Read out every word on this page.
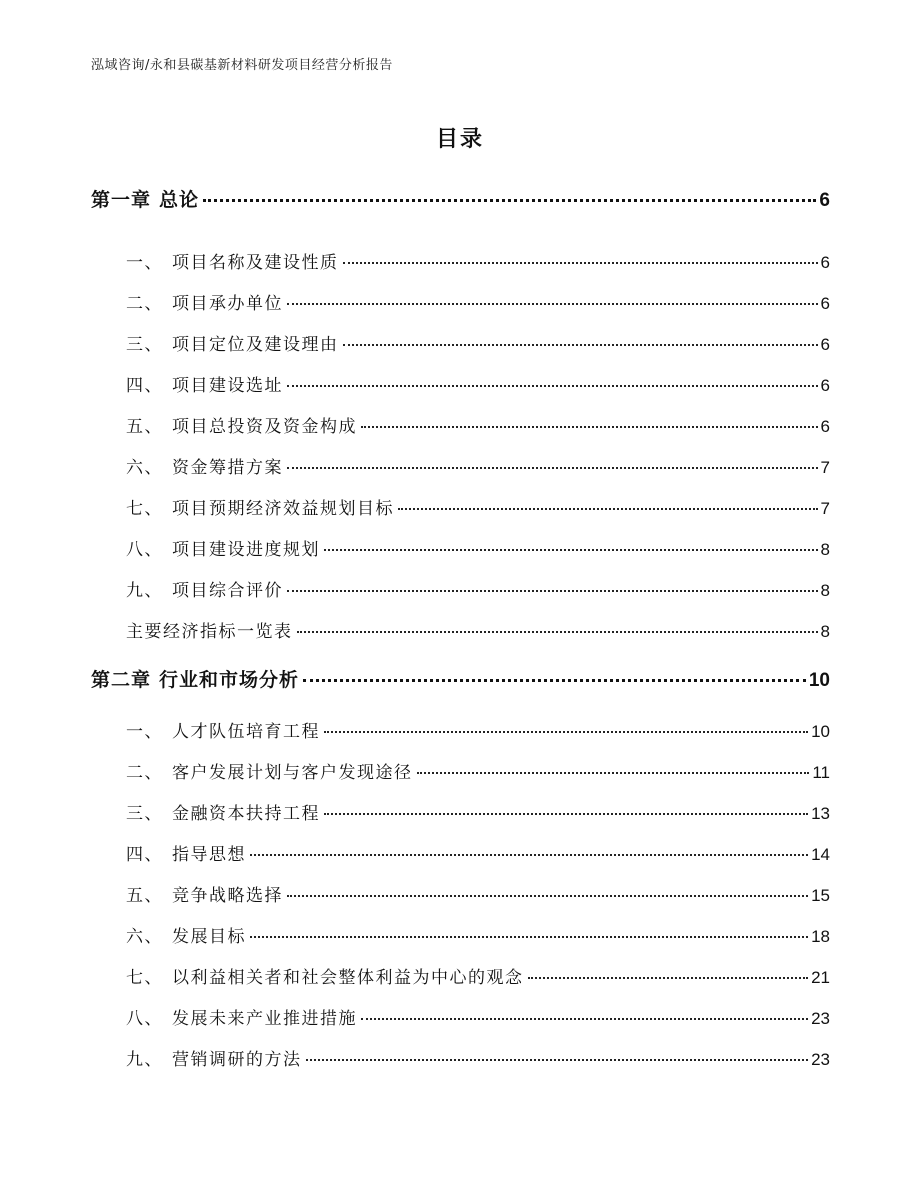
泓域咨询/永和县碳基新材料研发项目经营分析报告
目录
第一章 总论	6
一、 项目名称及建设性质	6
二、 项目承办单位	6
三、 项目定位及建设理由	6
四、 项目建设选址	6
五、 项目总投资及资金构成	6
六、 资金筹措方案	7
七、 项目预期经济效益规划目标	7
八、 项目建设进度规划	8
九、 项目综合评价	8
主要经济指标一览表	8
第二章 行业和市场分析	10
一、 人才队伍培育工程	10
二、 客户发展计划与客户发现途径	11
三、 金融资本扶持工程	13
四、 指导思想	14
五、 竞争战略选择	15
六、 发展目标	18
七、 以利益相关者和社会整体利益为中心的观念	21
八、 发展未来产业推进措施	23
九、 营销调研的方法	23
